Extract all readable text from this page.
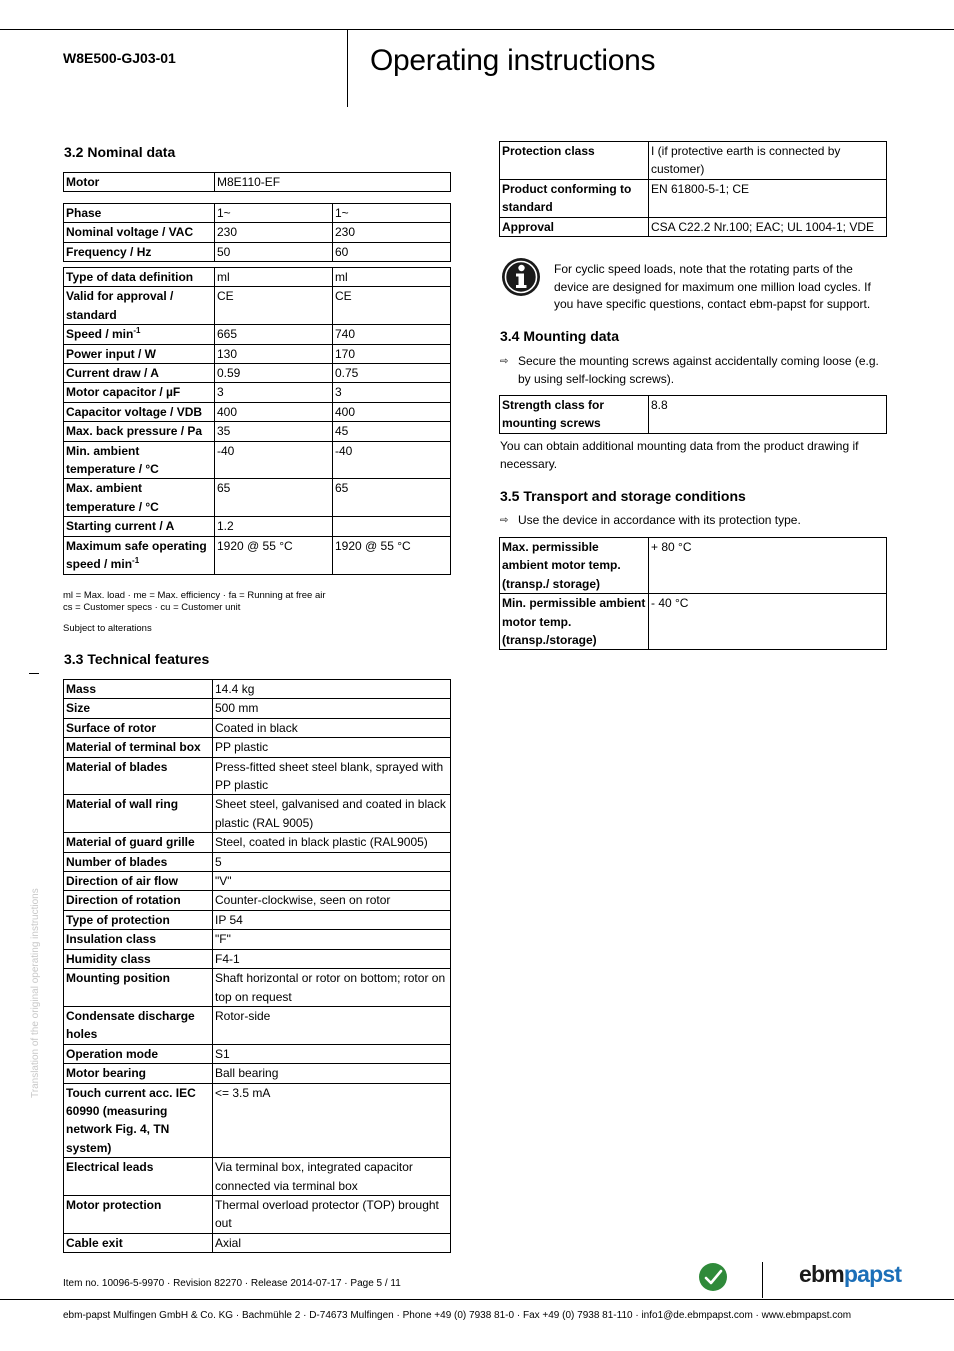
W8E500-GJ03-01	Operating instructions
3.2 Nominal data
Motor	M8E110-EF
Phase	1~	1~
Nominal voltage / VAC	230	230
Frequency / Hz	50	60
Type of data definition	ml	ml
Valid for approval / standard	CE	CE
Speed / $\min^{-1}$	665	740
Power input / W	130	170
Current draw / A	0.59	0.75
Motor capacitor / µF	3	3
Capacitor voltage / VDB	400	400
Max. back pressure / Pa	35	45
Min. ambient temperature / °C	-40	-40
Max. ambient temperature / °C	65	65
Starting current / A	1.2	
Maximum safe operating speed / $\min^{-1}$	1920 @ 55 °C	1920 @ 55 °C
ml = Max. load · me = Max. efficiency · fa = Running at free air
cs = Customer specs · cu = Customer unit
Subject to alterations
3.3 Technical features
Mass	14.4 kg
Size	500 mm
Surface of rotor	Coated in black
Material of terminal box	PP plastic
Material of blades	Press-fitted sheet steel blank, sprayed with PP plastic
Material of wall ring	Sheet steel, galvanised and coated in black plastic (RAL 9005)
Material of guard grille	Steel, coated in black plastic (RAL9005)
Number of blades	5
Direction of air flow	"V"
Direction of rotation	Counter-clockwise, seen on rotor
Type of protection	IP 54
Insulation class	"F"
Humidity class	F4-1
Mounting position	Shaft horizontal or rotor on bottom; rotor on top on request
Condensate discharge holes	Rotor-side
Operation mode	S1
Motor bearing	Ball bearing
Touch current acc. IEC 60990 (measuring network Fig. 4, TN system)	<= 3.5 mA
Electrical leads	Via terminal box, integrated capacitor connected via terminal box
Motor protection	Thermal overload protector (TOP) brought out
Cable exit	Axial
Protection class	I (if protective earth is connected by customer)
Product conforming to standard	EN 61800-5-1; CE
Approval	CSA C22.2 Nr.100; EAC; UL 1004-1; VDE
For cyclic speed loads, note that the rotating parts of the device are designed for maximum one million load cycles. If you have specific questions, contact ebm-papst for support.
3.4 Mounting data
⇨ Secure the mounting screws against accidentally coming loose (e.g. by using self-locking screws).
Strength class for mounting screws	8.8
You can obtain additional mounting data from the product drawing if necessary.
3.5 Transport and storage conditions
⇨ Use the device in accordance with its protection type.
Max. permissible ambient motor temp. (transp./ storage)	+ 80 °C
Min. permissible ambient motor temp. (transp./storage)	- 40 °C
Translation of the original operating instructions
Item no. 10096-5-9970 · Revision 82270 · Release 2014-07-17 · Page 5 / 11	ebmpapst
ebm-papst Mulfingen GmbH & Co. KG · Bachmühle 2 · D-74673 Mulfingen · Phone +49 (0) 7938 81-0 · Fax +49 (0) 7938 81-110 · info1@de.ebmpapst.com · www.ebmpapst.com
